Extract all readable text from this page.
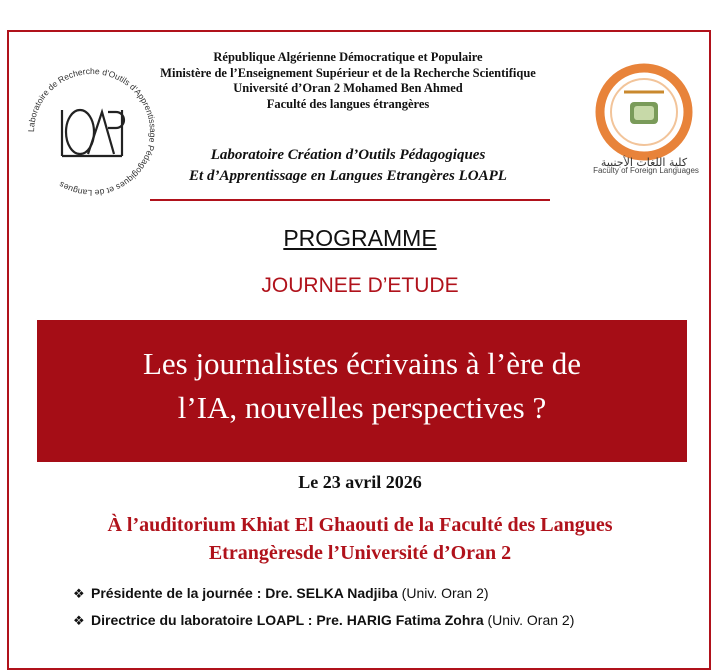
Laboratoire de Recherche d'Outils d'Apprentissage Pédagogiques et de Langues
كلية اللغات الأجنبية
Faculty of Foreign Languages
République Algérienne Démocratique et Populaire
Ministère de l’Enseignement Supérieur et de la Recherche Scientifique
Université d’Oran 2 Mohamed Ben Ahmed
Faculté des langues étrangères
Laboratoire Création d’Outils Pédagogiques
Et d’Apprentissage en Langues Etrangères LOAPL
PROGRAMME
JOURNEE D’ETUDE
Les journalistes écrivains à l’ère de
l’IA, nouvelles perspectives ?
Le 23 avril 2026
À l’auditorium Khiat El Ghaouti de la Faculté des Langues
Etrangèresde l’Université d’Oran 2
❖ Présidente de la journée : Dre. SELKA Nadjiba (Univ. Oran 2)
❖ Directrice du laboratoire LOAPL : Pre. HARIG Fatima Zohra (Univ. Oran 2)
